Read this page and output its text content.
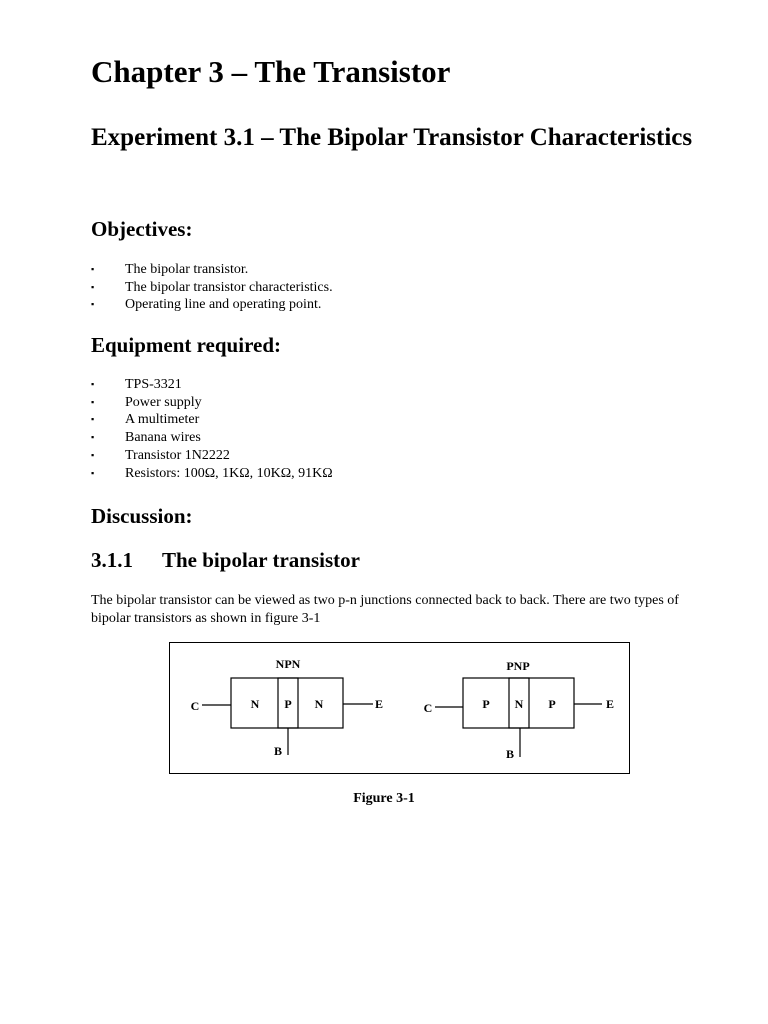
Chapter 3 – The Transistor
Experiment 3.1 – The Bipolar Transistor Characteristics
Objectives:
▪ The bipolar transistor.
▪ The bipolar transistor characteristics.
▪ Operating line and operating point.
Equipment required:
▪ TPS-3321
▪ Power supply
▪ A multimeter
▪ Banana wires
▪ Transistor 1N2222
▪ Resistors: 100Ω, 1KΩ, 10KΩ, 91KΩ
Discussion:
3.1.1 The bipolar transistor

The bipolar transistor can be viewed as two p-n junctions connected back to back. There are two types of bipolar transistors as shown in figure 3-1

NPN
N P N
C	E
B
PNP
P N P
C	E
B
Figure 3-1
